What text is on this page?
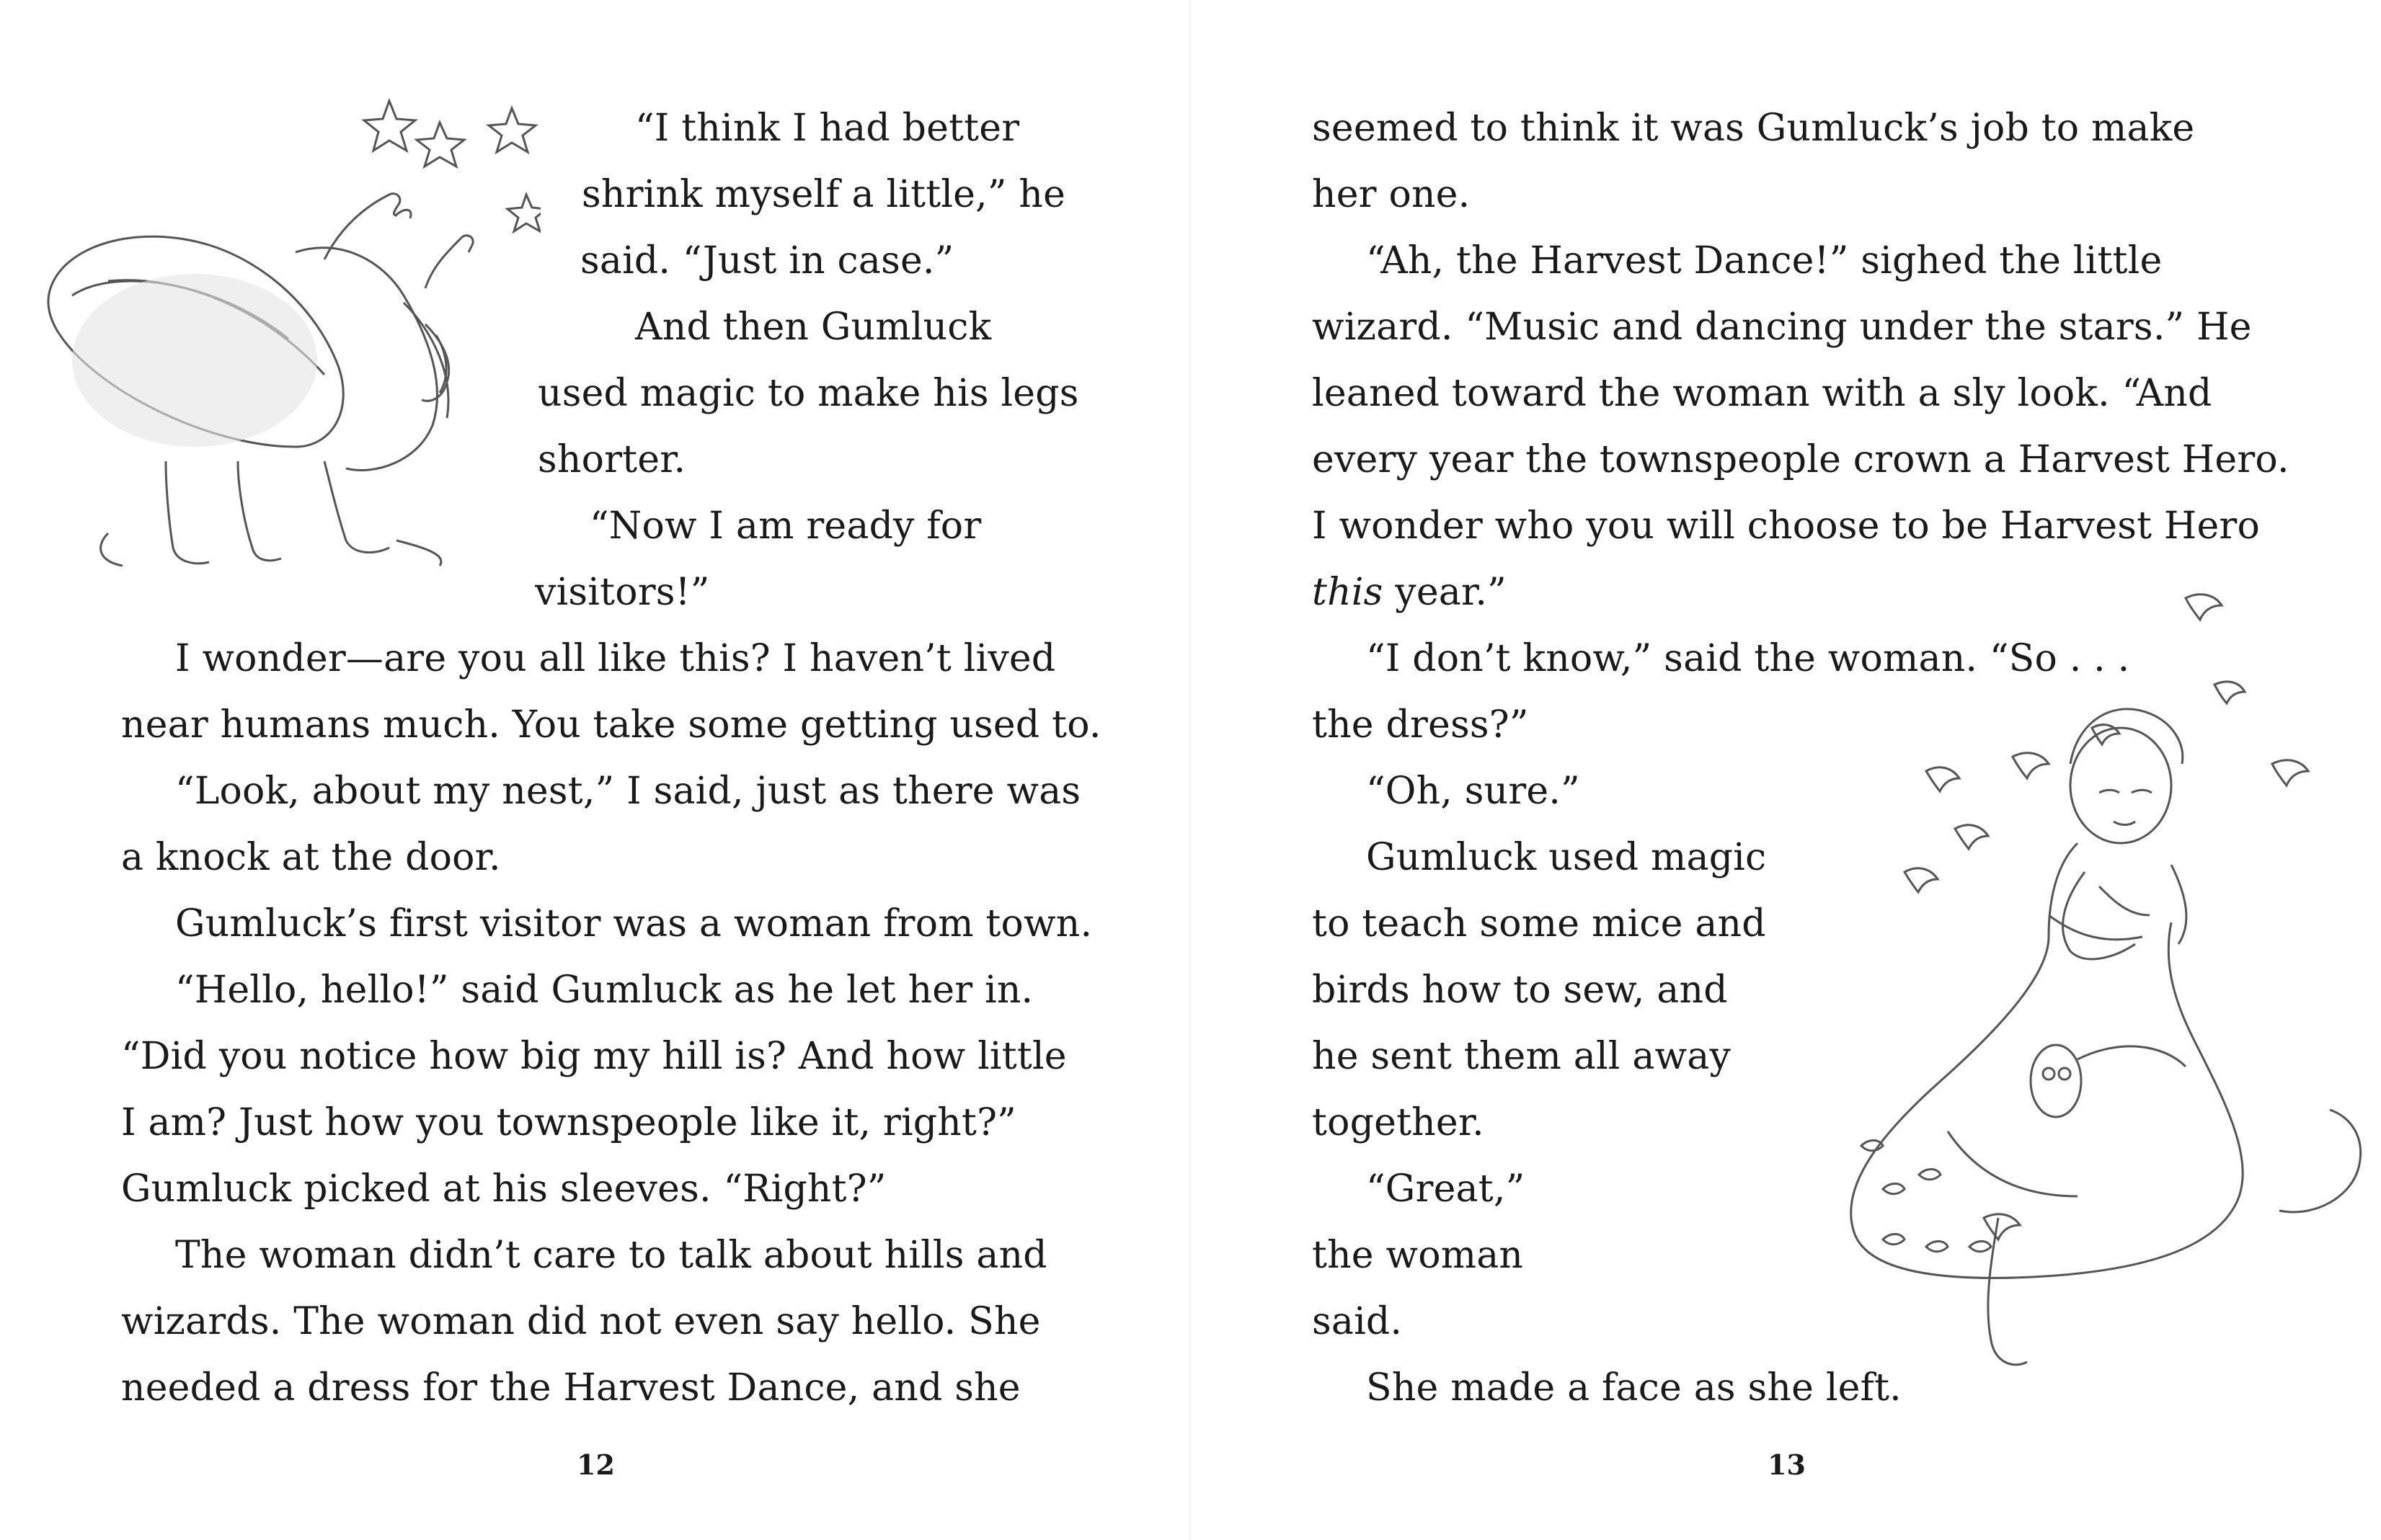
“I think I had better
shrink myself a little,” he
said. “Just in case.”
And then Gumluck
used magic to make his legs
shorter.
“Now I am ready for
visitors!”
I wonder—are you all like this? I haven’t lived
near humans much. You take some getting used to.
“Look, about my nest,” I said, just as there was
a knock at the door.
Gumluck’s first visitor was a woman from town.
“Hello, hello!” said Gumluck as he let her in.
“Did you notice how big my hill is? And how little
I am? Just how you townspeople like it, right?”
Gumluck picked at his sleeves. “Right?”
The woman didn’t care to talk about hills and
wizards. The woman did not even say hello. She
needed a dress for the Harvest Dance, and she
12
seemed to think it was Gumluck’s job to make
her one.
“Ah, the Harvest Dance!” sighed the little
wizard. “Music and dancing under the stars.” He
leaned toward the woman with a sly look. “And
every year the townspeople crown a Harvest Hero.
I wonder who you will choose to be Harvest Hero
this year.”
“I don’t know,” said the woman. “So . . .
the dress?”
“Oh, sure.”
Gumluck used magic
to teach some mice and
birds how to sew, and
he sent them all away
together.
“Great,”
the woman
said.
She made a face as she left.
13
